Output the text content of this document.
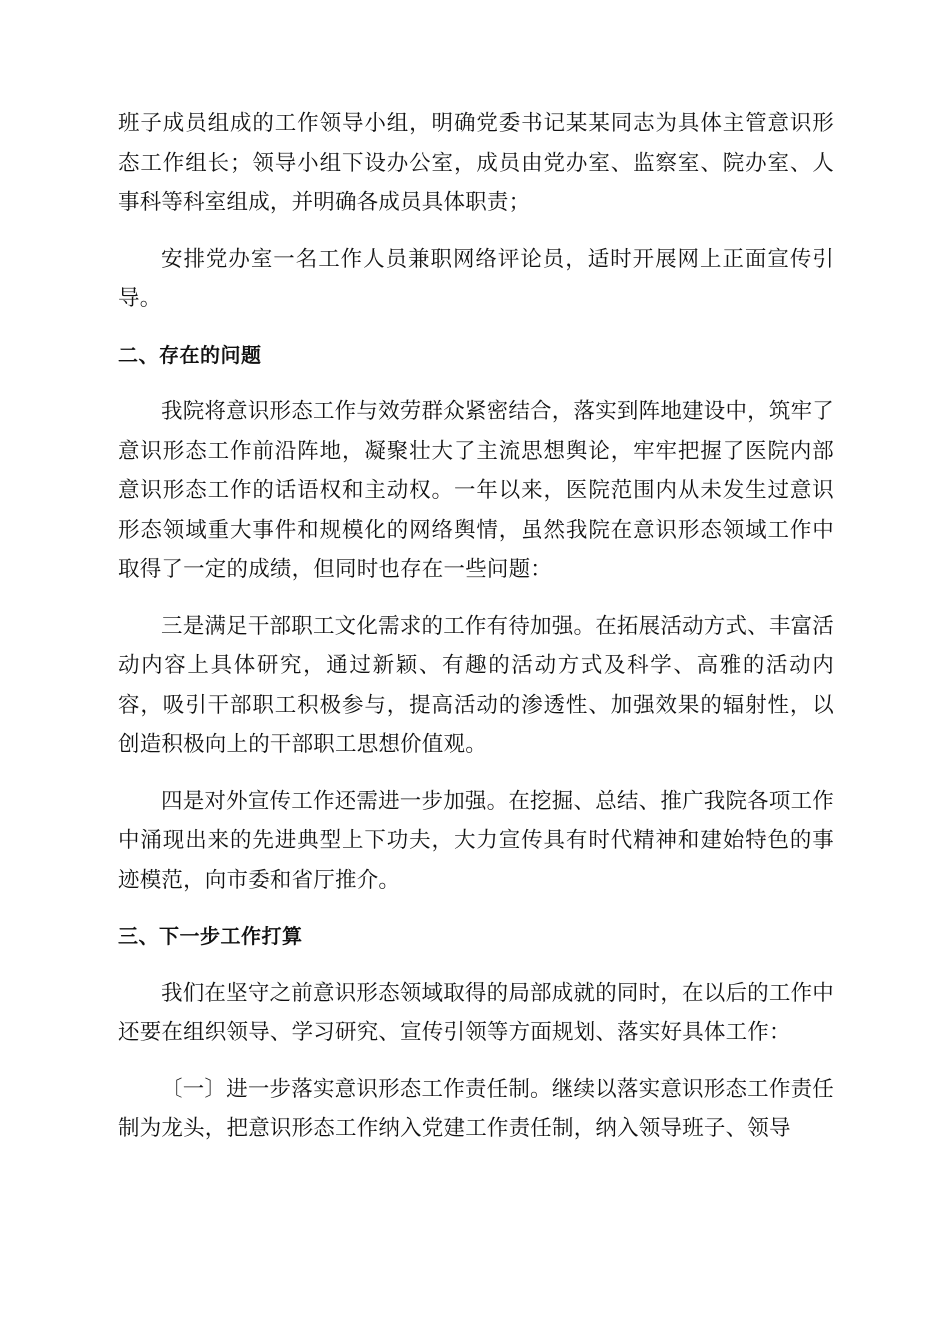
班子成员组成的工作领导小组，明确党委书记某某同志为具体主管意识形态工作组长；领导小组下设办公室，成员由党办室、监察室、院办室、人事科等科室组成，并明确各成员具体职责；

安排党办室一名工作人员兼职网络评论员，适时开展网上正面宣传引导。

二、存在的问题

我院将意识形态工作与效劳群众紧密结合，落实到阵地建设中，筑牢了意识形态工作前沿阵地，凝聚壮大了主流思想舆论，牢牢把握了医院内部意识形态工作的话语权和主动权。一年以来，医院范围内从未发生过意识形态领域重大事件和规模化的网络舆情，虽然我院在意识形态领域工作中取得了一定的成绩，但同时也存在一些问题：

三是满足干部职工文化需求的工作有待加强。在拓展活动方式、丰富活动内容上具体研究，通过新颖、有趣的活动方式及科学、高雅的活动内容，吸引干部职工积极参与，提高活动的渗透性、加强效果的辐射性，以创造积极向上的干部职工思想价值观。

四是对外宣传工作还需进一步加强。在挖掘、总结、推广我院各项工作中涌现出来的先进典型上下功夫，大力宣传具有时代精神和建始特色的事迹模范，向市委和省厅推介。

三、下一步工作打算

我们在坚守之前意识形态领域取得的局部成就的同时，在以后的工作中还要在组织领导、学习研究、宣传引领等方面规划、落实好具体工作：

〔一〕进一步落实意识形态工作责任制。继续以落实意识形态工作责任制为龙头，把意识形态工作纳入党建工作责任制，纳入领导班子、领导
